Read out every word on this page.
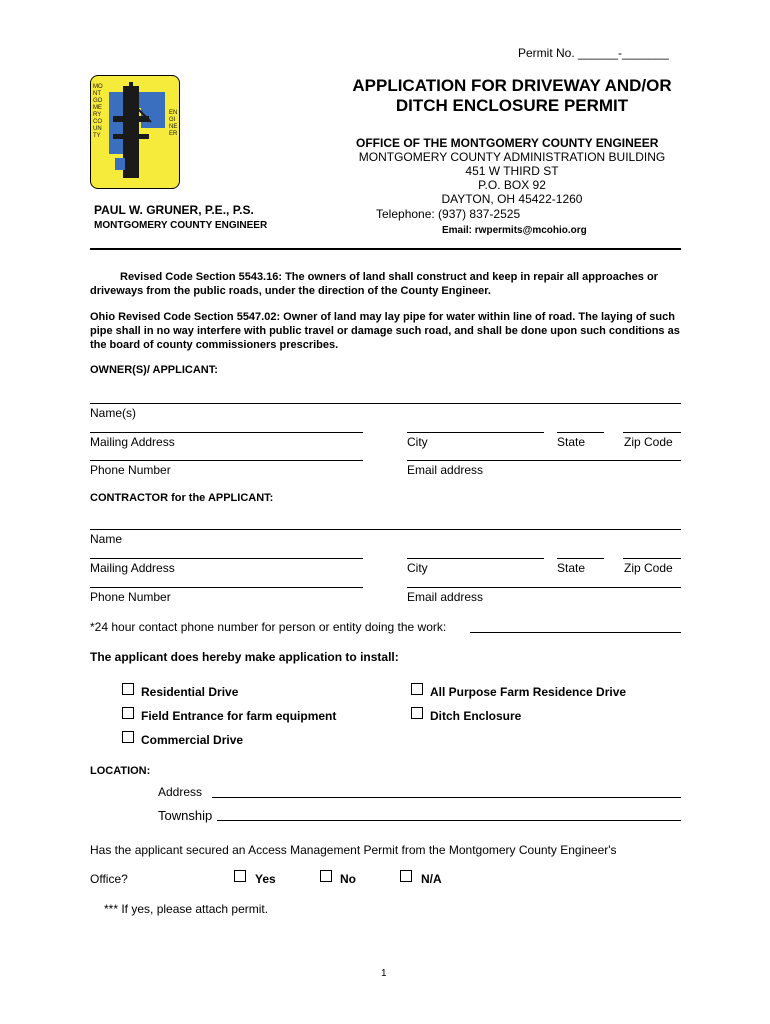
Permit No. ______-_______
MONTGOMERY COUNTY
ENGINEER
APPLICATION FOR DRIVEWAY AND/OR
DITCH ENCLOSURE PERMIT
OFFICE OF THE MONTGOMERY COUNTY ENGINEER
MONTGOMERY COUNTY ADMINISTRATION BUILDING
451 W THIRD ST
P.O. BOX 92
DAYTON, OH 45422-1260
Telephone: (937) 837-2525
Email: rwpermits@mcohio.org
PAUL W. GRUNER, P.E., P.S.
MONTGOMERY COUNTY ENGINEER
Revised Code Section 5543.16: The owners of land shall construct and keep in repair all approaches or driveways from the public roads, under the direction of the County Engineer.
Ohio Revised Code Section 5547.02: Owner of land may lay pipe for water within line of road. The laying of such pipe shall in no way interfere with public travel or damage such road, and shall be done upon such conditions as the board of county commissioners prescribes.
OWNER(S)/ APPLICANT:
Name(s)
Mailing Address	City	State	Zip Code
Phone Number	Email address
CONTRACTOR for the APPLICANT:
Name
Mailing Address	City	State	Zip Code
Phone Number	Email address
*24 hour contact phone number for person or entity doing the work:
The applicant does hereby make application to install:
Residential Drive
Field Entrance for farm equipment
Commercial Drive
All Purpose Farm Residence Drive
Ditch Enclosure
LOCATION:
Address
Township
Has the applicant secured an Access Management Permit from the Montgomery County Engineer's
Office?	Yes	No	N/A
*** If yes, please attach permit.
1
